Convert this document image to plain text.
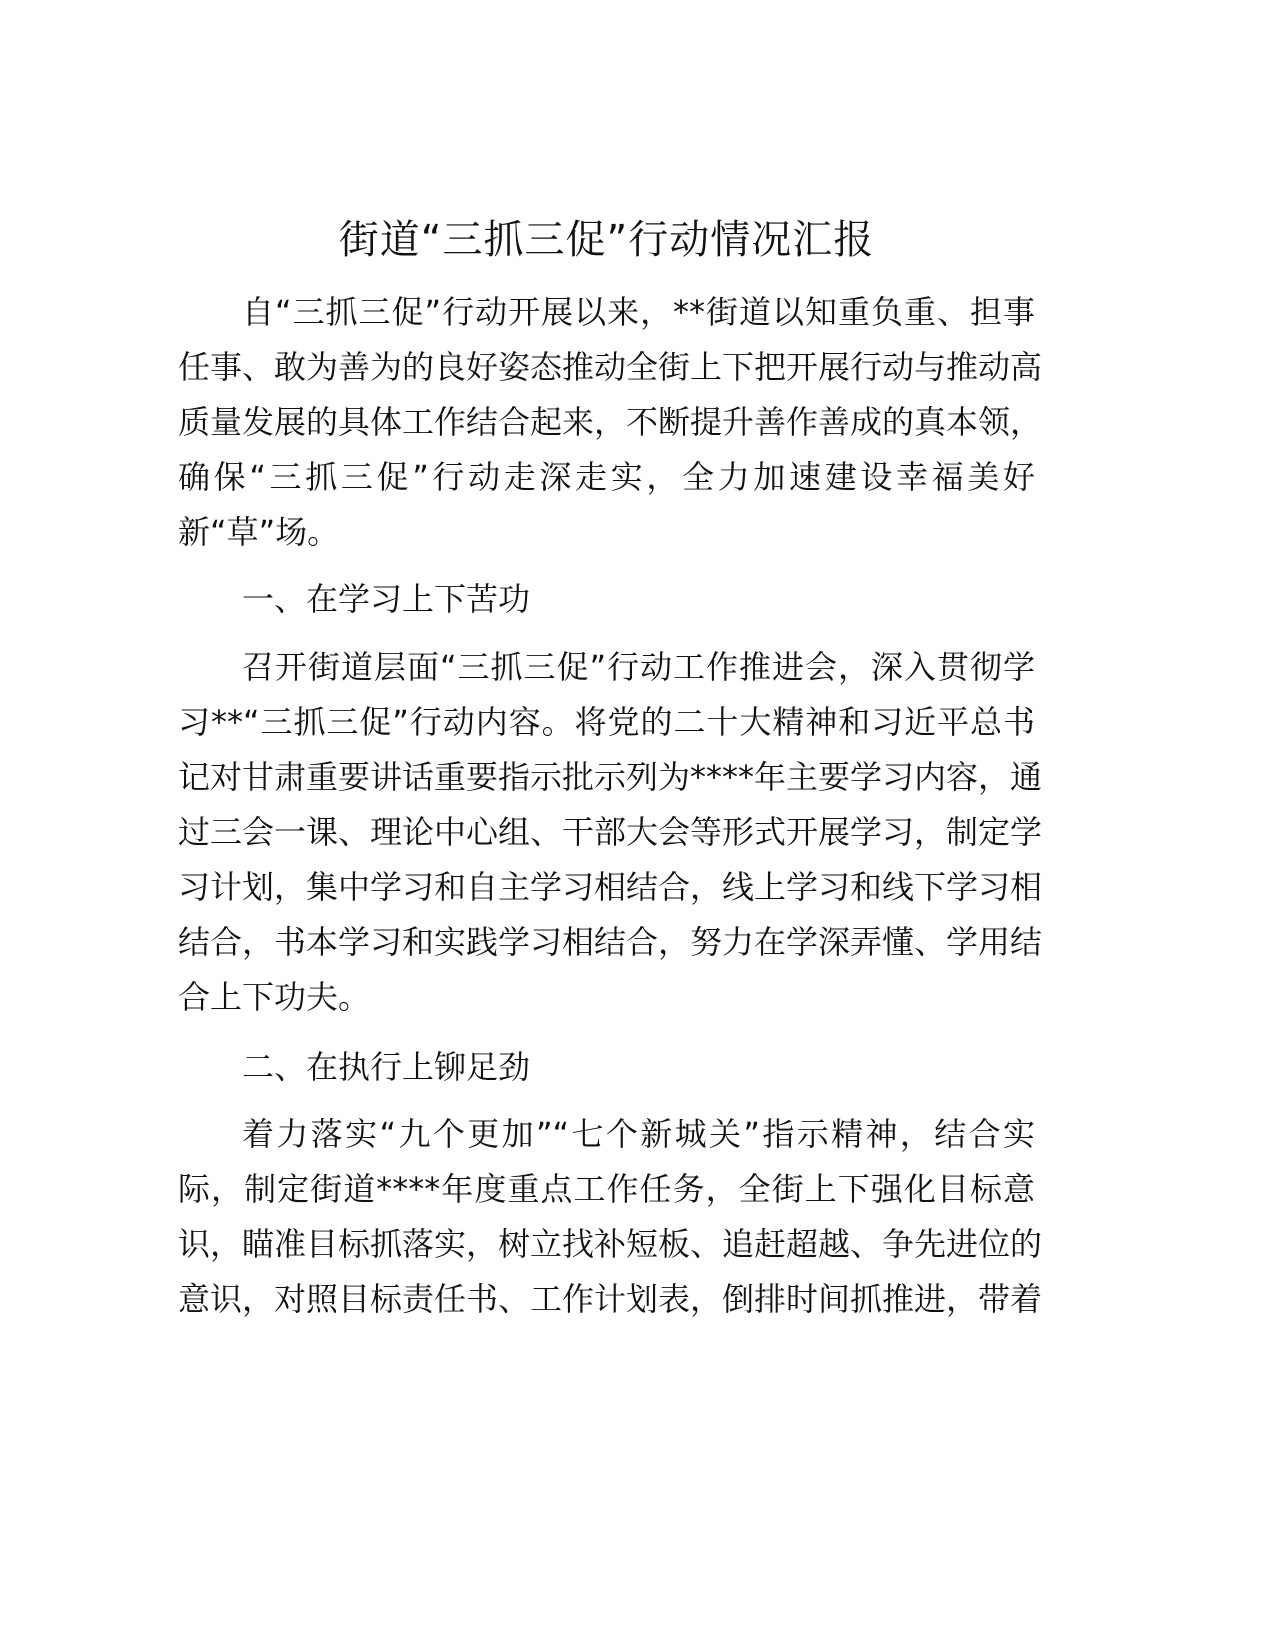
街道“三抓三促”行动情况汇报
自“三抓三促”行动开展以来，**街道以知重负重、担事
任事、敢为善为的良好姿态推动全街上下把开展行动与推动高
质量发展的具体工作结合起来，不断提升善作善成的真本领，
确保“三抓三促”行动走深走实，全力加速建设幸福美好
新“草”场。
一、在学习上下苦功
召开街道层面“三抓三促”行动工作推进会，深入贯彻学
习**“三抓三促”行动内容。将党的二十大精神和习近平总书
记对甘肃重要讲话重要指示批示列为****年主要学习内容，通
过三会一课、理论中心组、干部大会等形式开展学习，制定学
习计划，集中学习和自主学习相结合，线上学习和线下学习相
结合，书本学习和实践学习相结合，努力在学深弄懂、学用结
合上下功夫。
二、在执行上铆足劲
着力落实“九个更加”“七个新城关”指示精神，结合实
际，制定街道****年度重点工作任务，全街上下强化目标意
识，瞄准目标抓落实，树立找补短板、追赶超越、争先进位的
意识，对照目标责任书、工作计划表，倒排时间抓推进，带着
